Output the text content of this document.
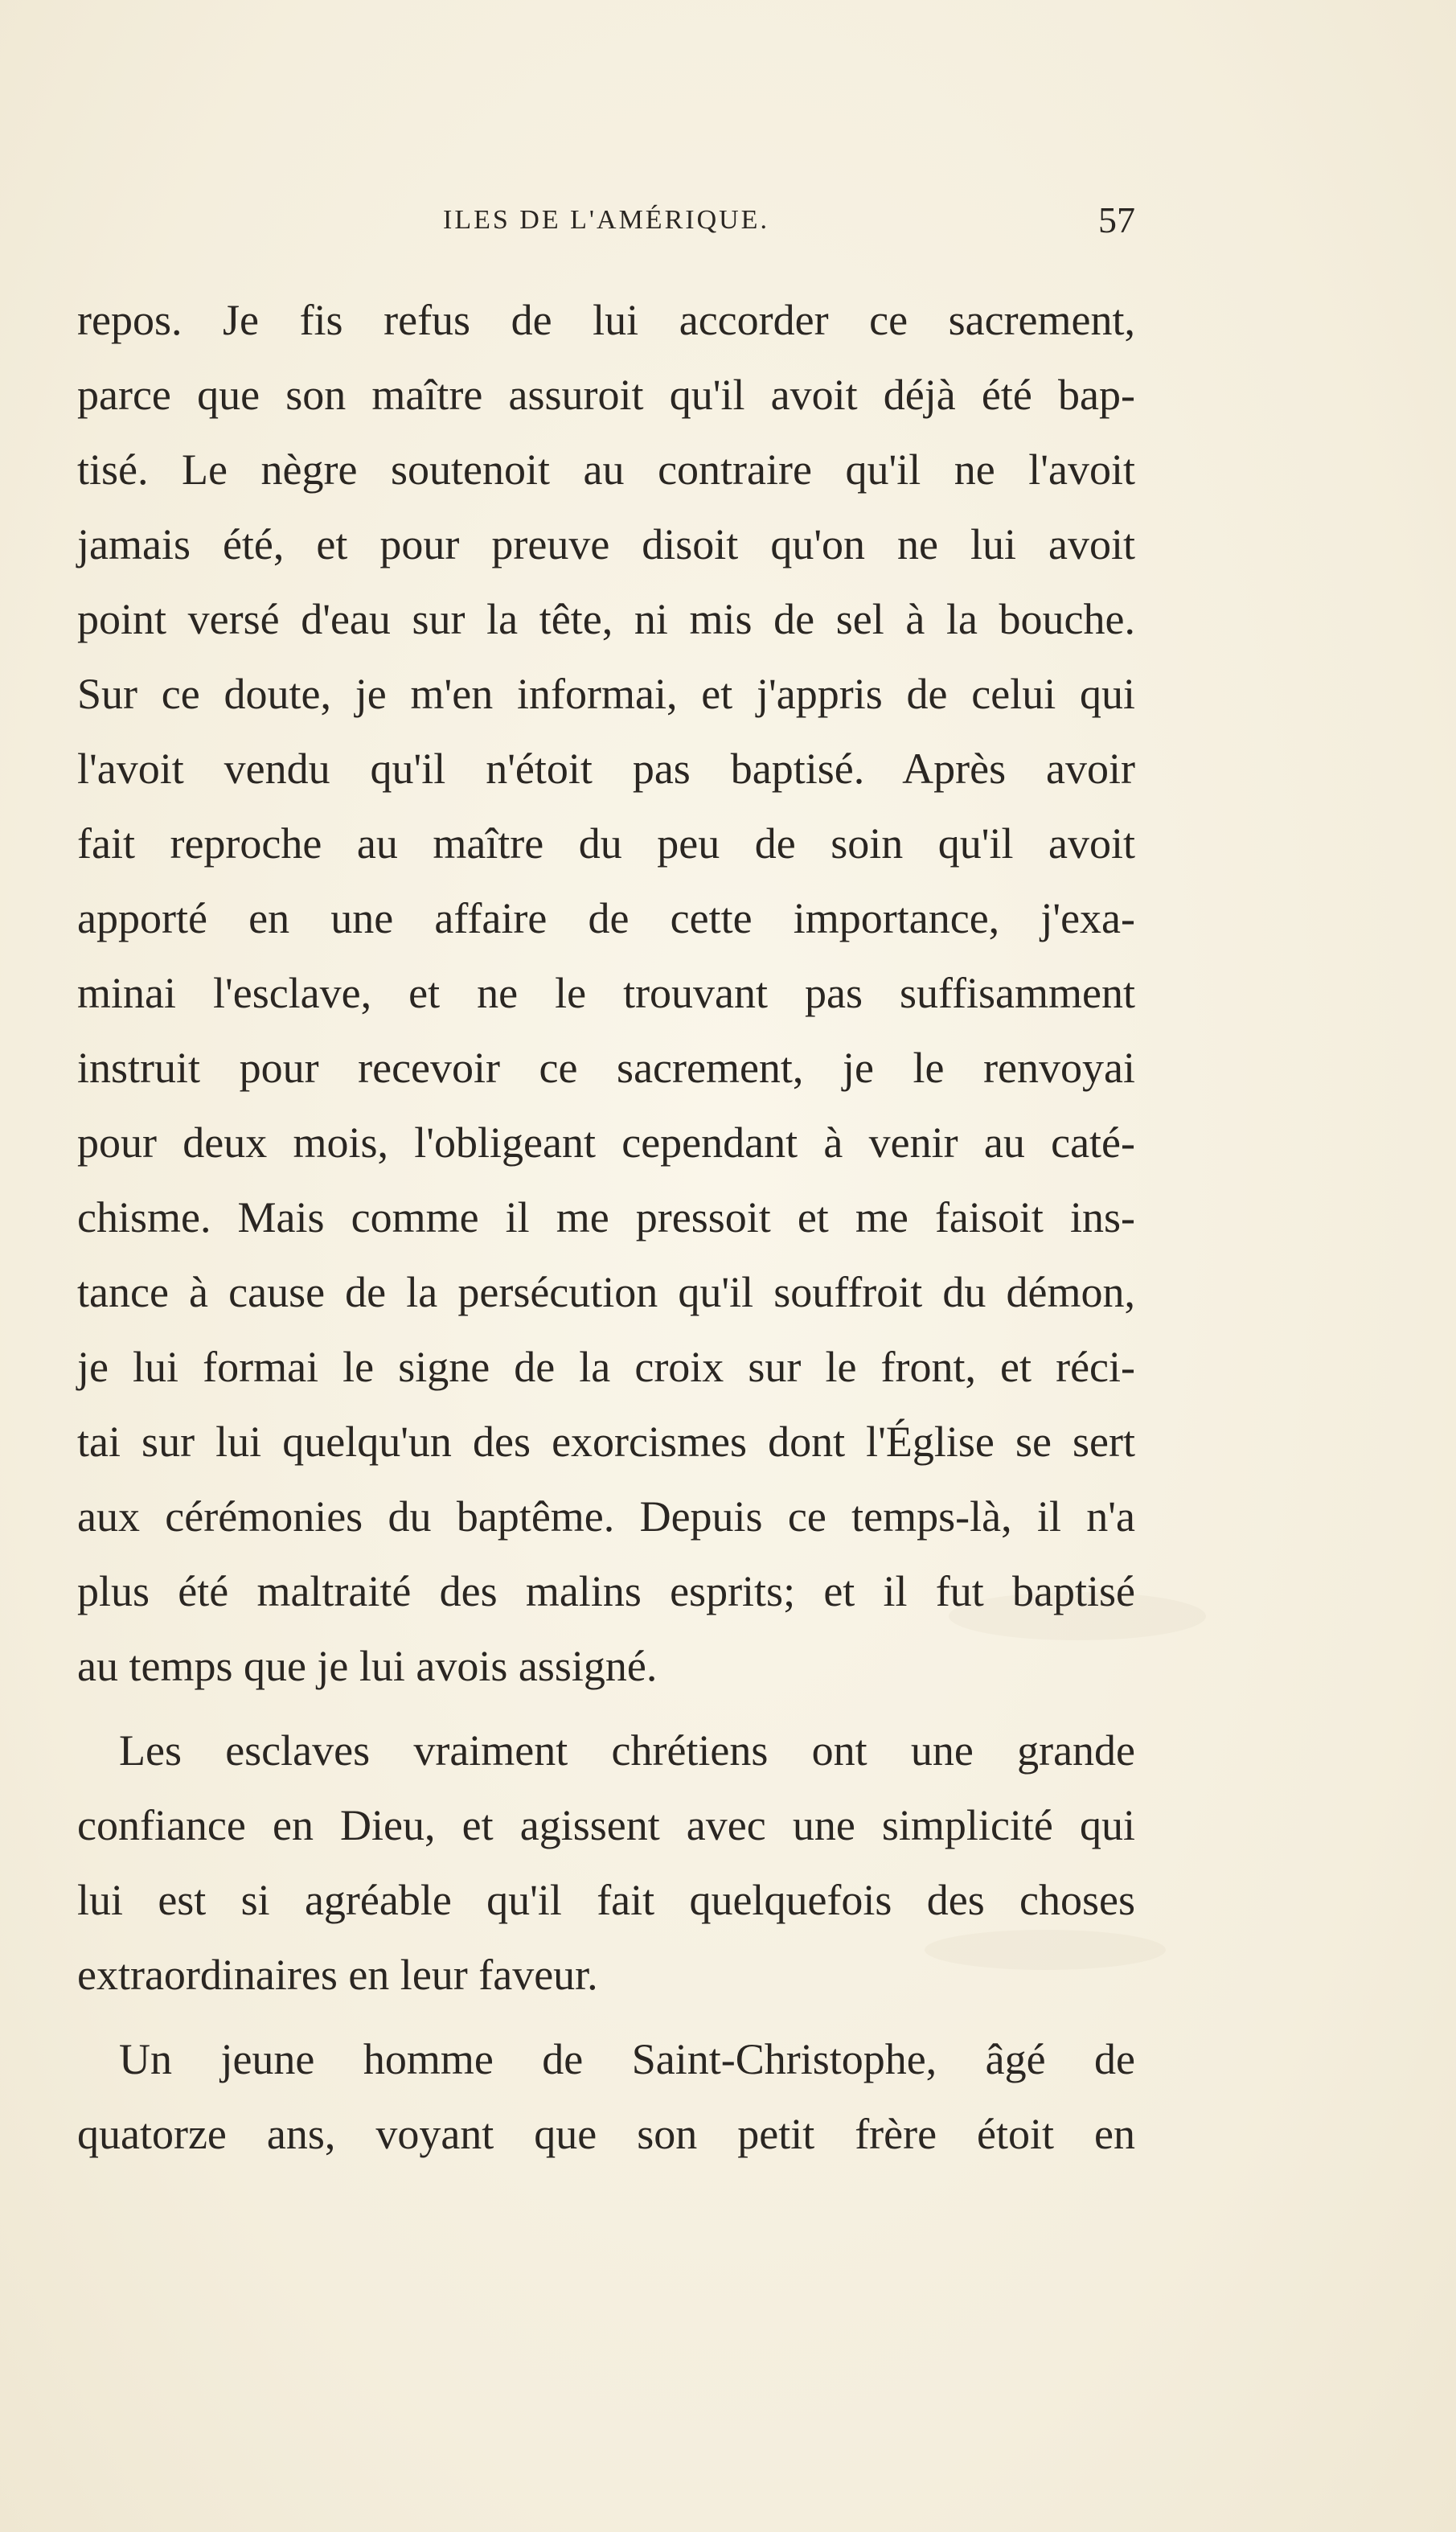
ILES DE L'AMÉRIQUE.	57
repos. Je fis refus de lui accorder ce sacrement,
parce que son maître assuroit qu'il avoit déjà été bap-
tisé. Le nègre soutenoit au contraire qu'il ne l'avoit
jamais été, et pour preuve disoit qu'on ne lui avoit
point versé d'eau sur la tête, ni mis de sel à la bouche.
Sur ce doute, je m'en informai, et j'appris de celui qui
l'avoit vendu qu'il n'étoit pas baptisé. Après avoir
fait reproche au maître du peu de soin qu'il avoit
apporté en une affaire de cette importance, j'exa-
minai l'esclave, et ne le trouvant pas suffisamment
instruit pour recevoir ce sacrement, je le renvoyai
pour deux mois, l'obligeant cependant à venir au caté-
chisme. Mais comme il me pressoit et me faisoit ins-
tance à cause de la persécution qu'il souffroit du démon,
je lui formai le signe de la croix sur le front, et réci-
tai sur lui quelqu'un des exorcismes dont l'Église se sert
aux cérémonies du baptême. Depuis ce temps-là, il n'a
plus été maltraité des malins esprits; et il fut baptisé
au temps que je lui avois assigné.
Les esclaves vraiment chrétiens ont une grande
confiance en Dieu, et agissent avec une simplicité qui
lui est si agréable qu'il fait quelquefois des choses
extraordinaires en leur faveur.
Un jeune homme de Saint-Christophe, âgé de
quatorze ans, voyant que son petit frère étoit en
